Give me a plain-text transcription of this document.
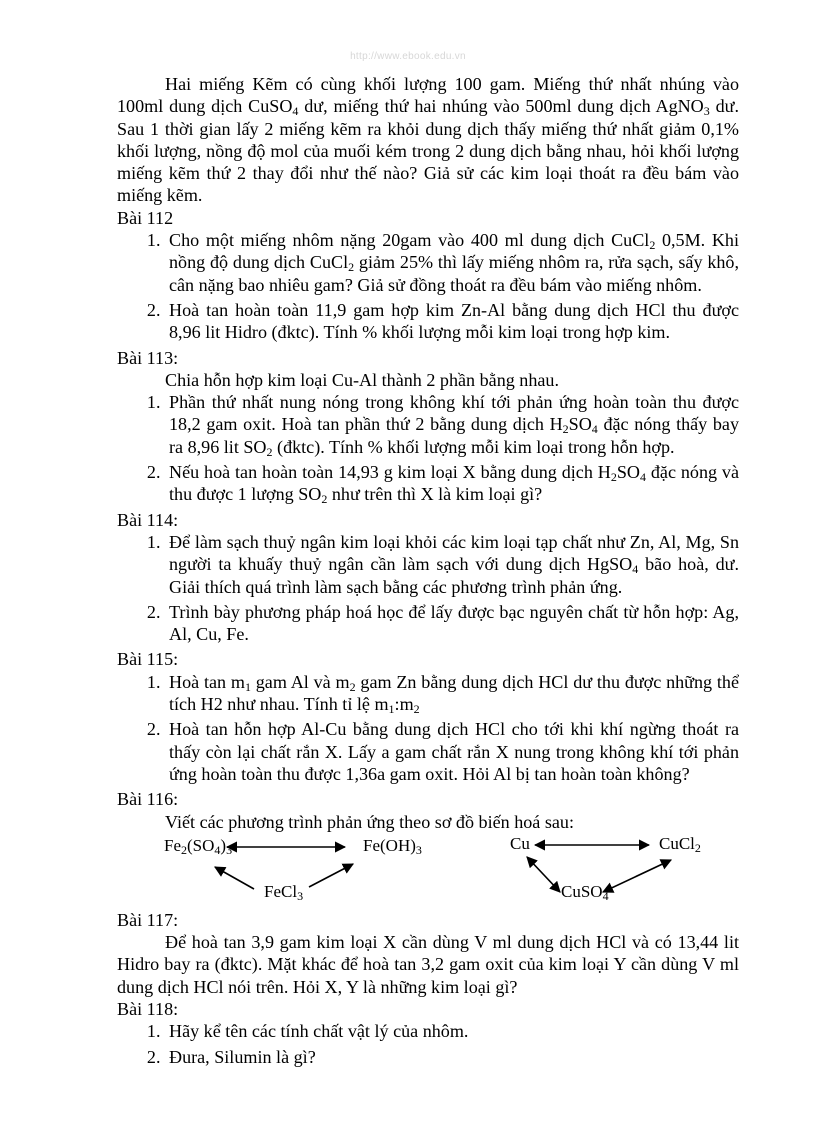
http://www.ebook.edu.vn

Hai miếng Kẽm có cùng khối lượng 100 gam. Miếng thứ nhất nhúng vào 100ml dung dịch CuSO$_4$ dư, miếng thứ hai nhúng vào 500ml dung dịch AgNO$_3$ dư. Sau 1 thời gian lấy 2 miếng kẽm ra khỏi dung dịch thấy miếng thứ nhất giảm 0,1% khối lượng, nồng độ mol của muối kém trong 2 dung dịch bằng nhau, hỏi khối lượng miếng kẽm thứ 2 thay đổi như thế nào? Giả sử các kim loại thoát ra đều bám vào miếng kẽm.

Bài 112

1. Cho một miếng nhôm nặng 20gam vào 400 ml dung dịch CuCl$_2$ 0,5M. Khi nồng độ dung dịch CuCl$_2$ giảm 25% thì lấy miếng nhôm ra, rửa sạch, sấy khô, cân nặng bao nhiêu gam? Giả sử đồng thoát ra đều bám vào miếng nhôm.
2. Hoà tan hoàn toàn 11,9 gam hợp kim Zn-Al bằng dung dịch HCl thu được 8,96 lit Hidro (đktc). Tính % khối lượng mỗi kim loại trong hợp kim.

Bài 113:

Chia hỗn hợp kim loại Cu-Al thành 2 phần bằng nhau.

1. Phần thứ nhất nung nóng trong không khí tới phản ứng hoàn toàn thu được 18,2 gam oxit. Hoà tan phần thứ 2 bằng dung dịch $H_2SO_4$ đặc nóng thấy bay ra 8,96 lit $SO_2$ (đktc). Tính % khối lượng mỗi kim loại trong hỗn hợp.
2. Nếu hoà tan hoàn toàn 14,93 g kim loại X bằng dung dịch $H_2SO_4$ đặc nóng và thu được 1 lượng $SO_2$ như trên thì X là kim loại gì?

Bài 114:

1. Để làm sạch thuỷ ngân kim loại khỏi các kim loại tạp chất như Zn, Al, Mg, Sn người ta khuấy thuỷ ngân cần làm sạch với dung dịch HgSO$_4$ bão hoà, dư. Giải thích quá trình làm sạch bằng các phương trình phản ứng.
2. Trình bày phương pháp hoá học để lấy được bạc nguyên chất từ hỗn hợp: Ag, Al, Cu, Fe.

Bài 115:

1. Hoà $\tan m_1$ gam Al và $m_2$ gam Zn bằng dung dịch HCl dư thu được những thể tích H2 như nhau. Tính tỉ lệ $m_1:m_2$
2. Hoà tan hỗn hợp Al-Cu bằng dung dịch HCl cho tới khi khí ngừng thoát ra thấy còn lại chất rắn X. Lấy a gam chất rắn X nung trong không khí tới phản ứng hoàn toàn thu được 1,36a gam oxit. Hỏi Al bị tan hoàn toàn không?

Bài 116:

Viết các phương trình phản ứng theo sơ đồ biến hoá sau:

$Fe_2(SO_4)_3$	$Fe(OH)_3$
FeCl$_3$
Cu	CuCl$_2$
CuSO$_4$

Bài 117:

Để hoà tan 3,9 gam kim loại X cần dùng V ml dung dịch HCl và có 13,44 lit Hidro bay ra (đktc). Mặt khác để hoà tan 3,2 gam oxit của kim loại Y cần dùng V ml dung dịch HCl nói trên. Hỏi X, Y là những kim loại gì?

Bài 118:

1. Hãy kể tên các tính chất vật lý của nhôm.
2. Đura, Silumin là gì?
